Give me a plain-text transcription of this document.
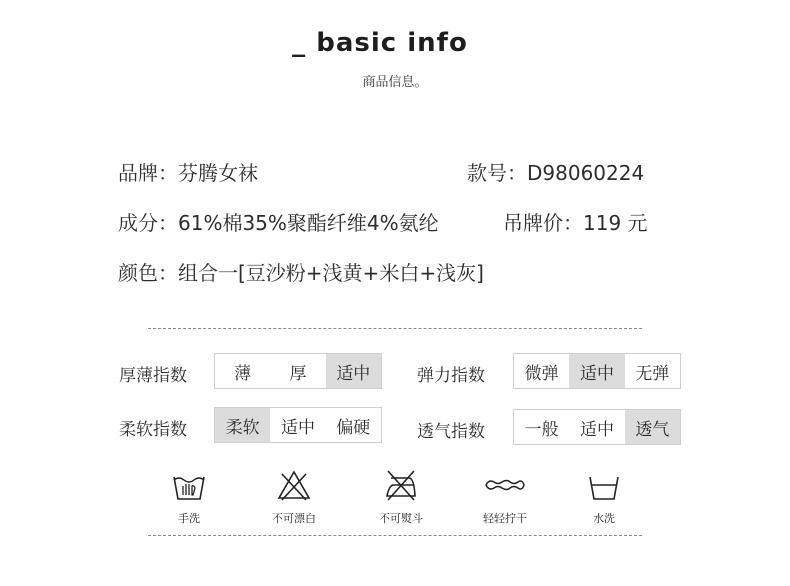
_ basic info
商品信息。
品牌：芬腾女袜	款号：D98060224
成分：61%棉35%聚酯纤维4%氨纶	吊牌价：119 元
颜色：组合一[豆沙粉+浅黄+米白+浅灰]
厚薄指数	薄	厚	适中	弹力指数	微弹	适中	无弹
柔软指数	柔软	适中	偏硬	透气指数	一般	适中	透气
手洗	不可漂白	不可熨斗	轻轻拧干	水洗
